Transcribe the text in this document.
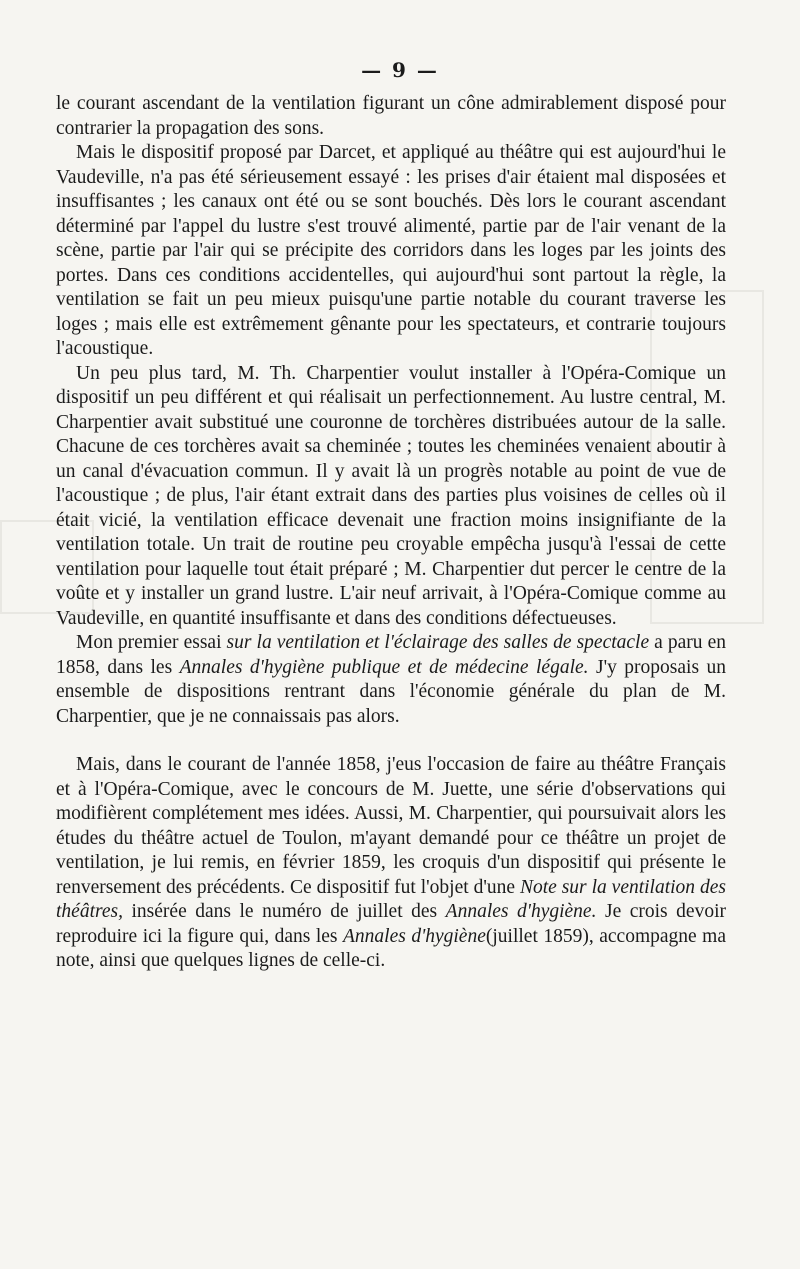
— 9 —

le courant ascendant de la ventilation figurant un cône admirablement disposé pour contrarier la propagation des sons.

Mais le dispositif proposé par Darcet, et appliqué au théâtre qui est aujourd'hui le Vaudeville, n'a pas été sérieusement essayé : les prises d'air étaient mal disposées et insuffisantes ; les canaux ont été ou se sont bouchés. Dès lors le courant ascendant déterminé par l'appel du lustre s'est trouvé alimenté, partie par de l'air venant de la scène, partie par l'air qui se précipite des corridors dans les loges par les joints des portes. Dans ces conditions accidentelles, qui aujourd'hui sont partout la règle, la ventilation se fait un peu mieux puisqu'une partie notable du courant traverse les loges ; mais elle est extrêmement gênante pour les spectateurs, et contrarie toujours l'acoustique.

Un peu plus tard, M. Th. Charpentier voulut installer à l'Opéra-Comique un dispositif un peu différent et qui réalisait un perfectionnement. Au lustre central, M. Charpentier avait substitué une couronne de torchères distribuées autour de la salle. Chacune de ces torchères avait sa cheminée ; toutes les cheminées venaient aboutir à un canal d'évacuation commun. Il y avait là un progrès notable au point de vue de l'acoustique ; de plus, l'air étant extrait dans des parties plus voisines de celles où il était vicié, la ventilation efficace devenait une fraction moins insignifiante de la ventilation totale. Un trait de routine peu croyable empêcha jusqu'à l'essai de cette ventilation pour laquelle tout était préparé ; M. Charpentier dut percer le centre de la voûte et y installer un grand lustre. L'air neuf arrivait, à l'Opéra-Comique comme au Vaudeville, en quantité insuffisante et dans des conditions défectueuses.

Mon premier essai sur la ventilation et l'éclairage des salles de spectacle a paru en 1858, dans les Annales d'hygiène publique et de médecine légale. J'y proposais un ensemble de dispositions rentrant dans l'économie générale du plan de M. Charpentier, que je ne connaissais pas alors.

Mais, dans le courant de l'année 1858, j'eus l'occasion de faire au théâtre Français et à l'Opéra-Comique, avec le concours de M. Juette, une série d'observations qui modifièrent complétement mes idées. Aussi, M. Charpentier, qui poursuivait alors les études du théâtre actuel de Toulon, m'ayant demandé pour ce théâtre un projet de ventilation, je lui remis, en février 1859, les croquis d'un dispositif qui présente le renversement des précédents. Ce dispositif fut l'objet d'une Note sur la ventilation des théâtres, insérée dans le numéro de juillet des Annales d'hygiène. Je crois devoir reproduire ici la figure qui, dans les Annales d'hygiène(juillet 1859), accompagne ma note, ainsi que quelques lignes de celle-ci.
